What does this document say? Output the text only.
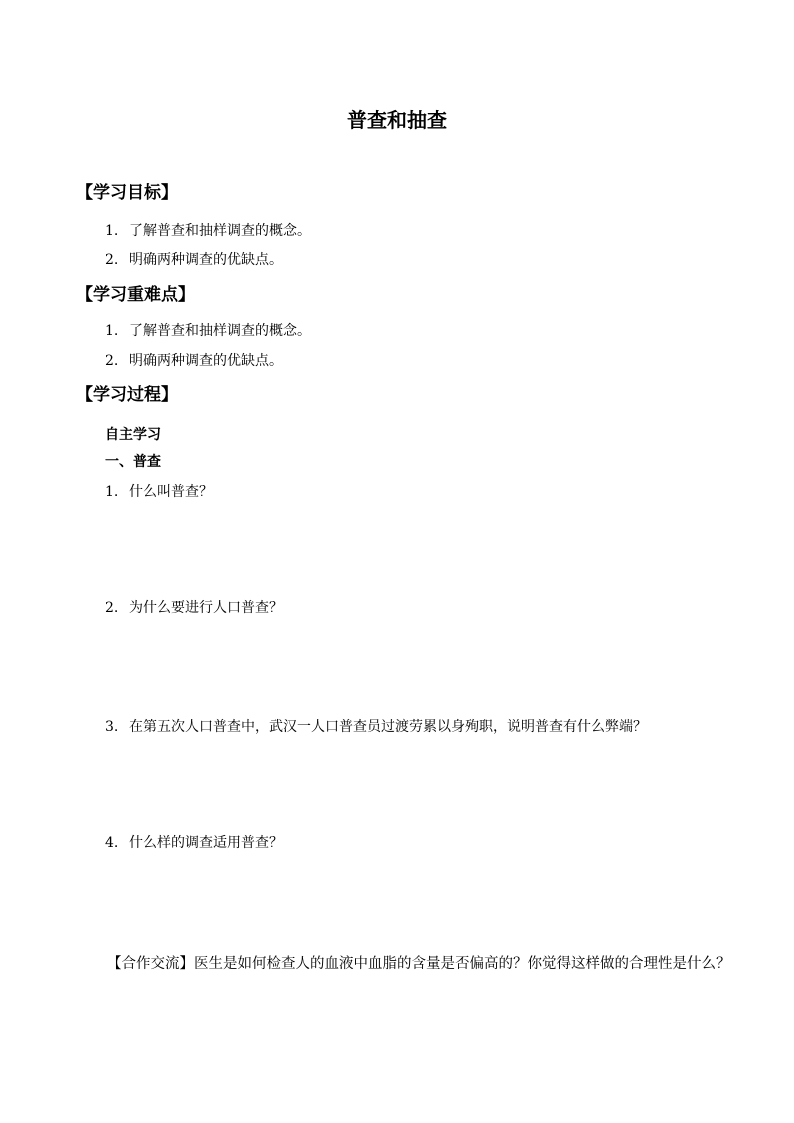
普查和抽查
【学习目标】
1. 了解普查和抽样调查的概念。
2. 明确两种调查的优缺点。
【学习重难点】
1. 了解普查和抽样调查的概念。
2. 明确两种调查的优缺点。
【学习过程】
自主学习
一、普查
1. 什么叫普查？
2. 为什么要进行人口普查？
3. 在第五次人口普查中，武汉一人口普查员过渡劳累以身殉职，说明普查有什么弊端？
4. 什么样的调查适用普查？
【合作交流】医生是如何检查人的血液中血脂的含量是否偏高的？你觉得这样做的合理性是什么？
